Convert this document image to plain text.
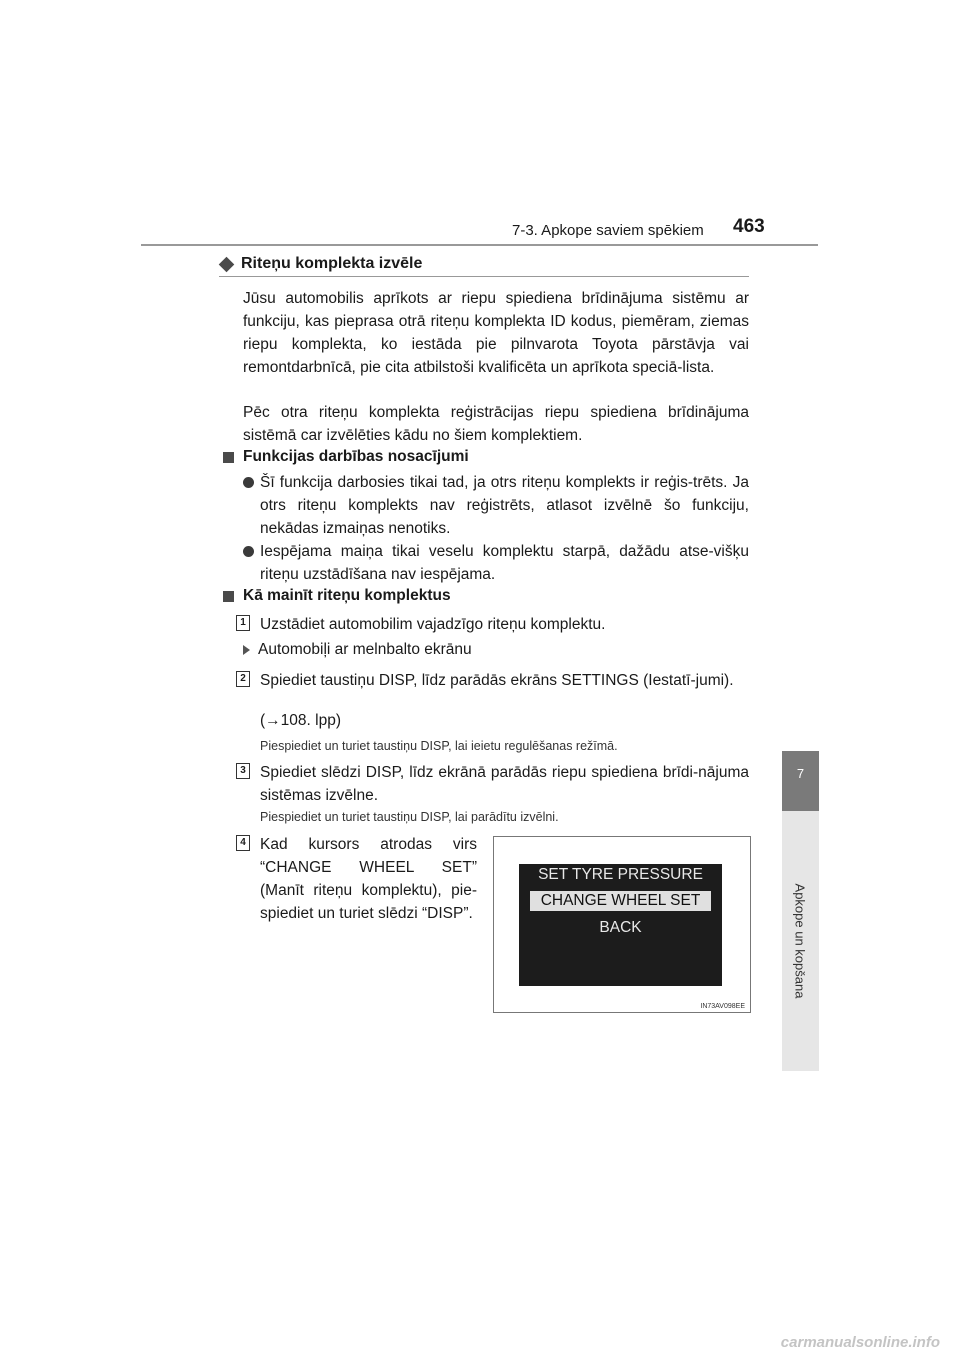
7-3. Apkope saviem spēkiem 463
7
Apkope un kopšana
Riteņu komplekta izvēle
Jūsu automobilis aprīkots ar riepu spiediena brīdinājuma sistēmu ar funkciju, kas pieprasa otrā riteņu komplekta ID kodus, piemēram, ziemas riepu komplekta, ko iestāda pie pilnvarota Toyota pārstāvja vai remontdarbnīcā, pie cita atbilstoši kvalificēta un aprīkota speciā-lista.
Pēc otra riteņu komplekta reģistrācijas riepu spiediena brīdinājuma sistēmā car izvēlēties kādu no šiem komplektiem.
Funkcijas darbības nosacījumi
Šī funkcija darbosies tikai tad, ja otrs riteņu komplekts ir reģis-trēts. Ja otrs riteņu komplekts nav reģistrēts, atlasot izvēlnē šo funkciju, nekādas izmaiņas nenotiks.
Iespējama maiņa tikai veselu komplektu starpā, dažādu atse-višķu riteņu uzstādīšana nav iespējama.
Kā mainīt riteņu komplektus
1 Uzstādiet automobilim vajadzīgo riteņu komplektu.
Automobiļi ar melnbalto ekrānu
2 Spiediet taustiņu DISP, līdz parādās ekrāns SETTINGS (Iestatī-jumi).
(→108. lpp)
Piespiediet un turiet taustiņu DISP, lai ieietu regulēšanas režīmā.
3 Spiediet slēdzi DISP, līdz ekrānā parādās riepu spiediena brīdi-nājuma sistēmas izvēlne.
Piespiediet un turiet taustiņu DISP, lai parādītu izvēlni.
4 Kad kursors atrodas virs “CHANGE WHEEL SET” (Manīt riteņu komplektu), pie-spiediet un turiet slēdzi “DISP”.
SET TYRE PRESSURE
CHANGE WHEEL SET
BACK
IN73AV098EE
carmanualsonline.info
